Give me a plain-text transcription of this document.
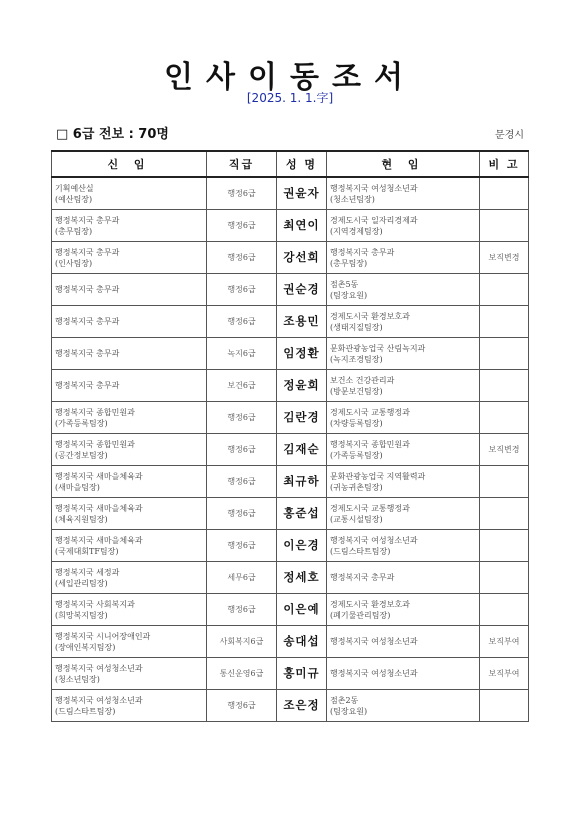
인사이동조서
[2025. 1. 1.字]
□ 6급 전보 : 70명	문경시
신 임	직급	성 명	현 임	비 고

기획예산실
(예산팀장)	행정6급	권윤자	행정복지국 여성청소년과
(청소년팀장)	

행정복지국 총무과
(총무팀장)	행정6급	최연이	경제도시국 일자리경제과
(지역경제팀장)	

행정복지국 총무과
(인사팀장)	행정6급	강선희	행정복지국 총무과
(총무팀장)	보직변경

행정복지국 총무과	행정6급	권순경	점촌5동
(팀장요원)	

행정복지국 총무과	행정6급	조용민	경제도시국 환경보호과
(생태지질팀장)	

행정복지국 총무과	녹지6급	임정환	문화관광농업국 산림녹지과
(녹지조경팀장)	

행정복지국 총무과	보건6급	정윤희	보건소 건강관리과
(방문보건팀장)	

행정복지국 종합민원과
(가족등록팀장)	행정6급	김란경	경제도시국 교통행정과
(차량등록팀장)	

행정복지국 종합민원과
(공간정보팀장)	행정6급	김재순	행정복지국 종합민원과
(가족등록팀장)	보직변경

행정복지국 새마을체육과
(새마을팀장)	행정6급	최규하	문화관광농업국 지역활력과
(귀농귀촌팀장)	

행정복지국 새마을체육과
(체육지원팀장)	행정6급	홍준섭	경제도시국 교통행정과
(교통시설팀장)	

행정복지국 새마을체육과
(국제대회TF팀장)	행정6급	이은경	행정복지국 여성청소년과
(드림스타트팀장)	

행정복지국 세정과
(세입관리팀장)	세무6급	정세호	행정복지국 총무과	

행정복지국 사회복지과
(희망복지팀장)	행정6급	이은예	경제도시국 환경보호과
(폐기물관리팀장)	

행정복지국 시니어장애인과
(장애인복지팀장)	사회복지6급	송대섭	행정복지국 여성청소년과	보직부여

행정복지국 여성청소년과
(청소년팀장)	통신운영6급	홍미규	행정복지국 여성청소년과	보직부여

행정복지국 여성청소년과
(드림스타트팀장)	행정6급	조은정	점촌2동
(팀장요원)	
